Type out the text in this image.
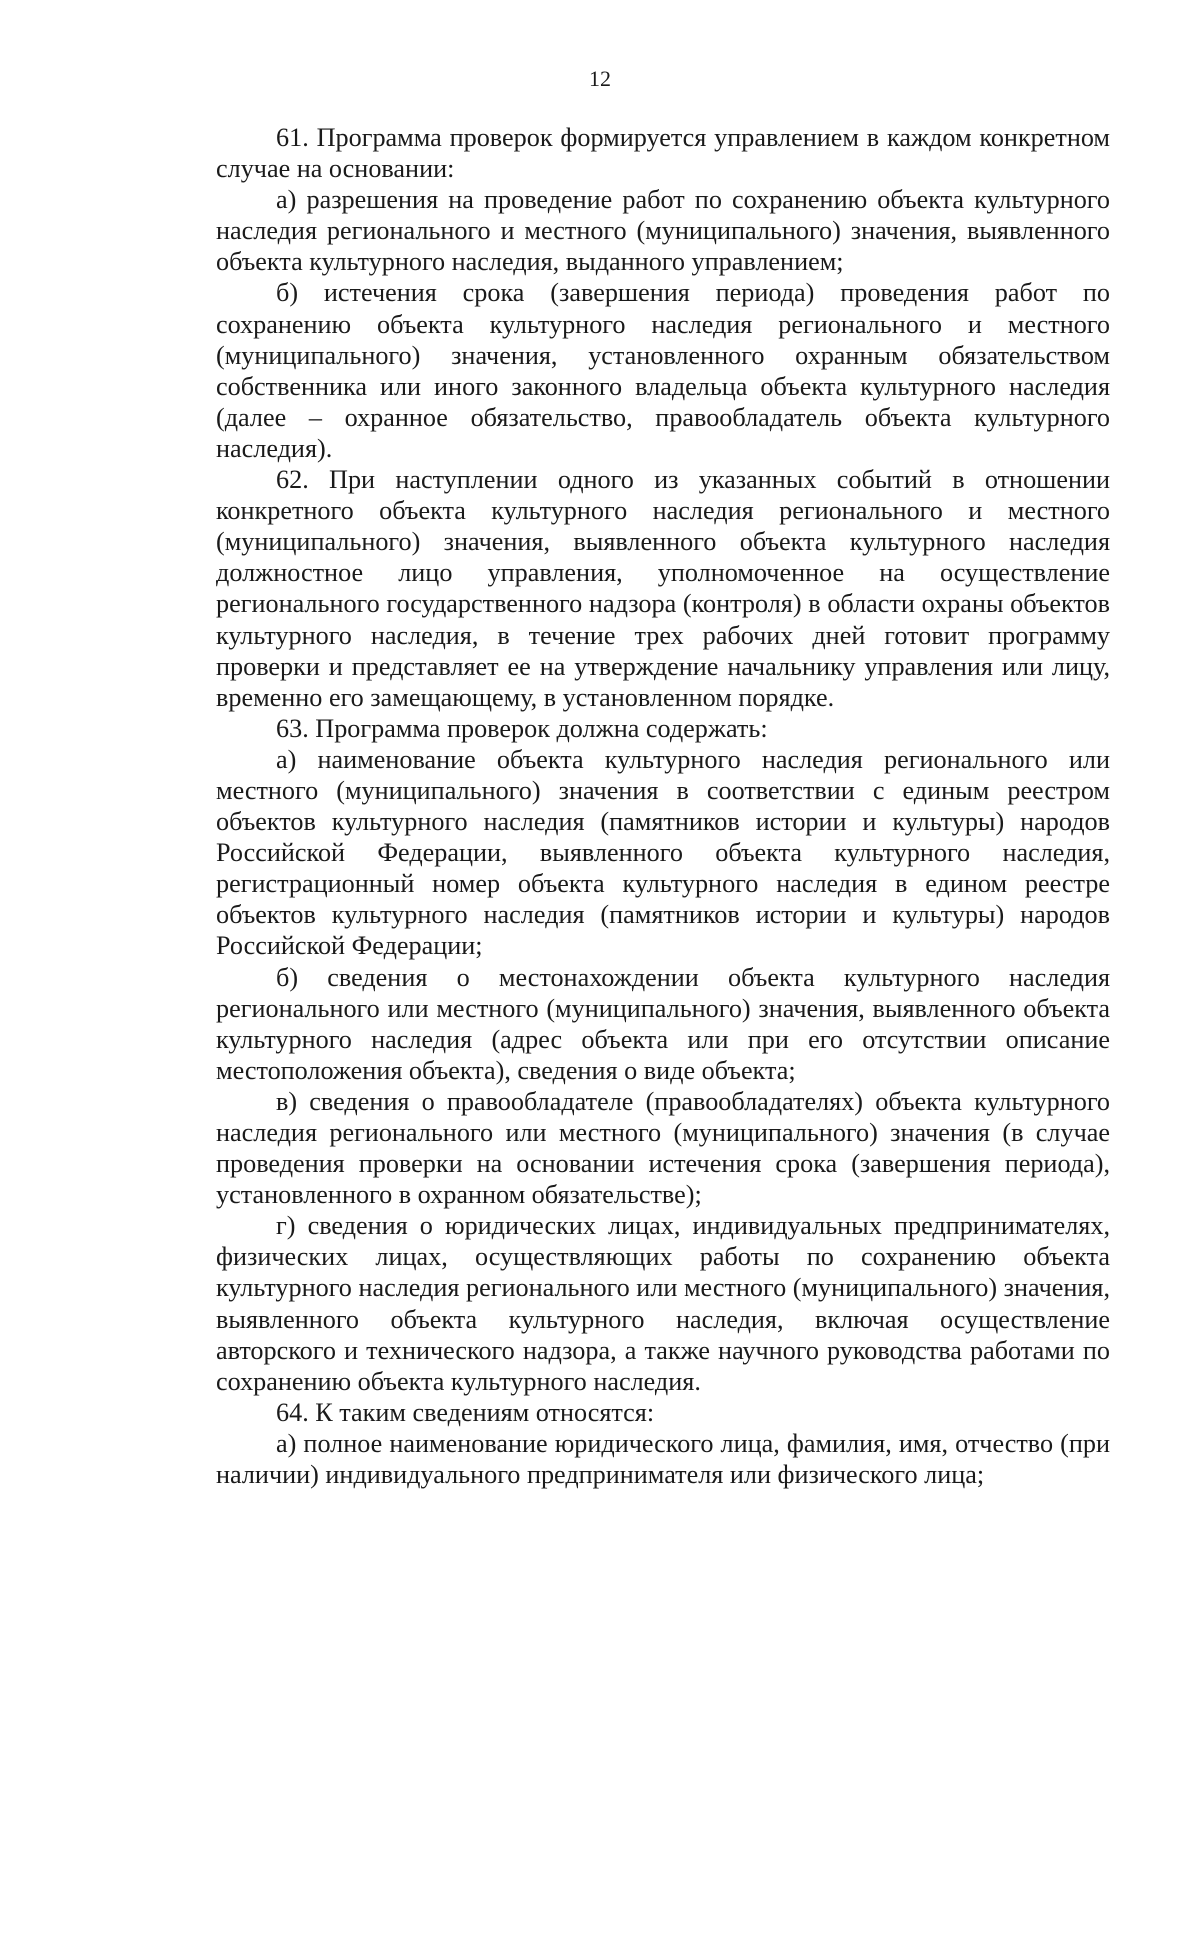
12

61. Программа проверок формируется управлением в каждом конкретном случае на основании:

а) разрешения на проведение работ по сохранению объекта культурного наследия регионального и местного (муниципального) значения, выявленного объекта культурного наследия, выданного управлением;

б) истечения срока (завершения периода) проведения работ по сохранению объекта культурного наследия регионального и местного (муниципального) значения, установленного охранным обязательством собственника или иного законного владельца объекта культурного наследия (далее – охранное обязательство, правообладатель объекта культурного наследия).

62. При наступлении одного из указанных событий в отношении конкретного объекта культурного наследия регионального и местного (муниципального) значения, выявленного объекта культурного наследия должностное лицо управления, уполномоченное на осуществление регионального государственного надзора (контроля) в области охраны объектов культурного наследия, в течение трех рабочих дней готовит программу проверки и представляет ее на утверждение начальнику управления или лицу, временно его замещающему, в установленном порядке.

63. Программа проверок должна содержать:

а) наименование объекта культурного наследия регионального или местного (муниципального) значения в соответствии с единым реестром объектов культурного наследия (памятников истории и культуры) народов Российской Федерации, выявленного объекта культурного наследия, регистрационный номер объекта культурного наследия в едином реестре объектов культурного наследия (памятников истории и культуры) народов Российской Федерации;

б) сведения о местонахождении объекта культурного наследия регионального или местного (муниципального) значения, выявленного объекта культурного наследия (адрес объекта или при его отсутствии описание местоположения объекта), сведения о виде объекта;

в) сведения о правообладателе (правообладателях) объекта культурного наследия регионального или местного (муниципального) значения (в случае проведения проверки на основании истечения срока (завершения периода), установленного в охранном обязательстве);

г) сведения о юридических лицах, индивидуальных предпринимателях, физических лицах, осуществляющих работы по сохранению объекта культурного наследия регионального или местного (муниципального) значения, выявленного объекта культурного наследия, включая осуществление авторского и технического надзора, а также научного руководства работами по сохранению объекта культурного наследия.

64. К таким сведениям относятся:

а) полное наименование юридического лица, фамилия, имя, отчество (при наличии) индивидуального предпринимателя или физического лица;
